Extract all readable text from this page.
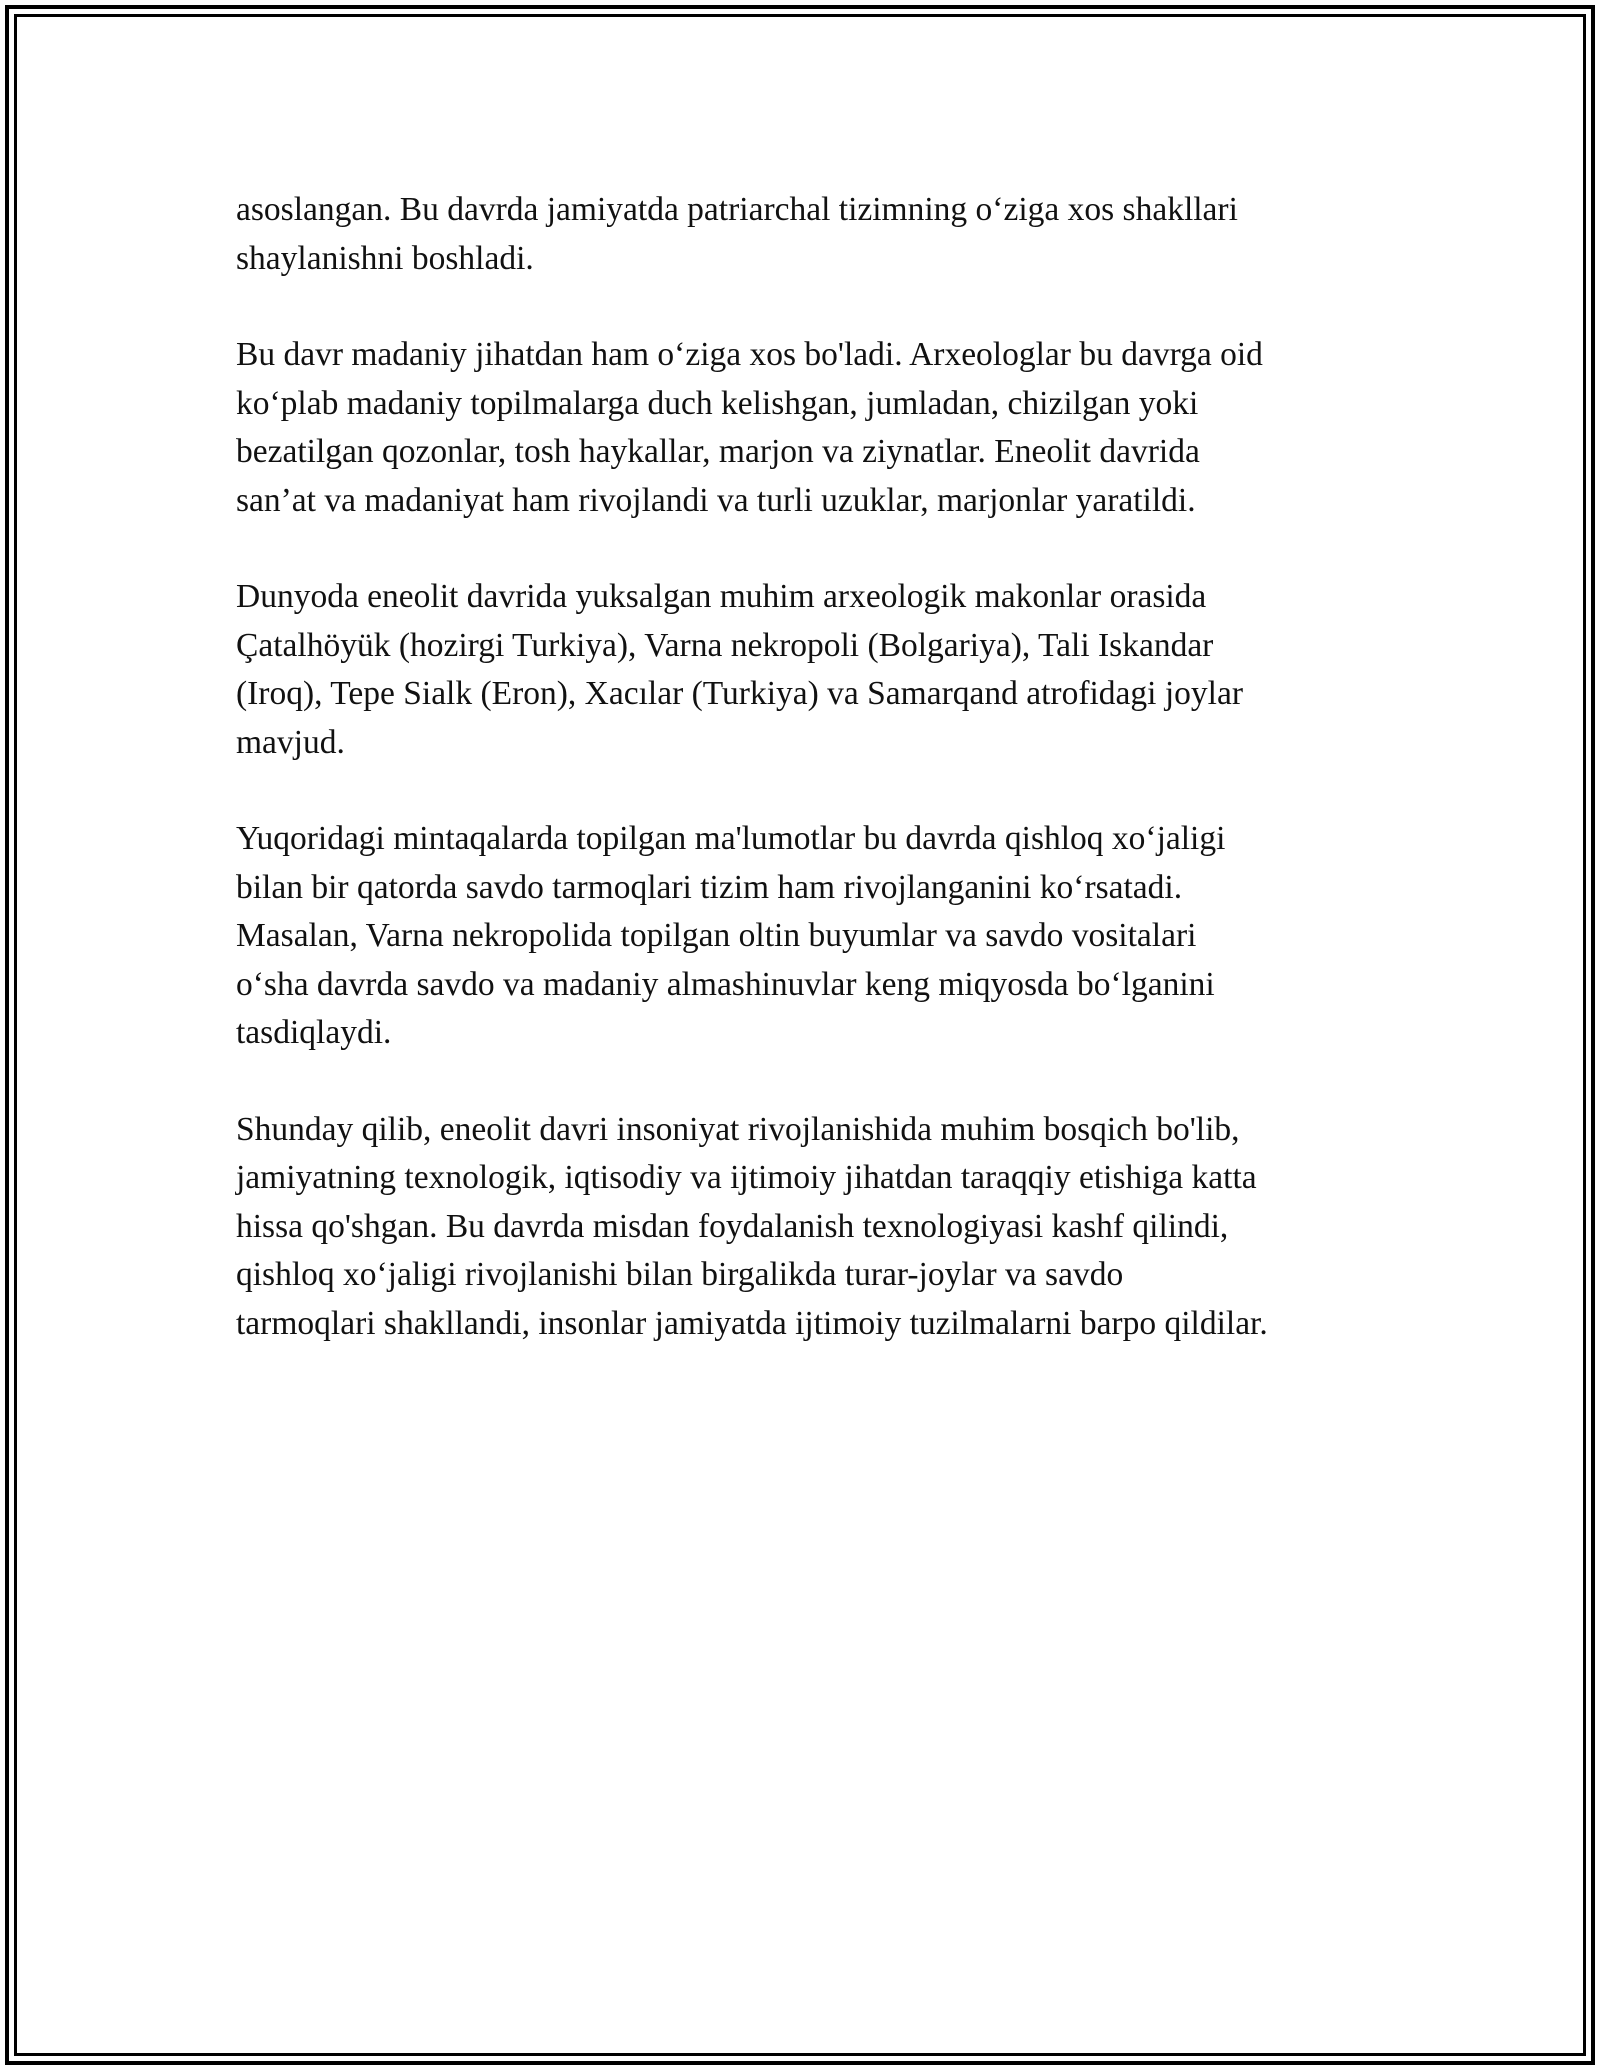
asoslangan. Bu davrda jamiyatda patriarchal tizimning o‘ziga xos shakllari
shaylanishni boshladi.
Bu davr madaniy jihatdan ham o‘ziga xos bo'ladi. Arxeologlar bu davrga oid
ko‘plab madaniy topilmalarga duch kelishgan, jumladan, chizilgan yoki
bezatilgan qozonlar, tosh haykallar, marjon va ziynatlar. Eneolit davrida
san’at va madaniyat ham rivojlandi va turli uzuklar, marjonlar yaratildi.
Dunyoda eneolit davrida yuksalgan muhim arxeologik makonlar orasida
Çatalhöyük (hozirgi Turkiya), Varna nekropoli (Bolgariya), Tali Iskandar
(Iroq), Tepe Sialk (Eron), Xacılar (Turkiya) va Samarqand atrofidagi joylar
mavjud.
Yuqoridagi mintaqalarda topilgan ma'lumotlar bu davrda qishloq xo‘jaligi
bilan bir qatorda savdo tarmoqlari tizim ham rivojlanganini ko‘rsatadi.
Masalan, Varna nekropolida topilgan oltin buyumlar va savdo vositalari
o‘sha davrda savdo va madaniy almashinuvlar keng miqyosda bo‘lganini
tasdiqlaydi.
Shunday qilib, eneolit davri insoniyat rivojlanishida muhim bosqich bo'lib,
jamiyatning texnologik, iqtisodiy va ijtimoiy jihatdan taraqqiy etishiga katta
hissa qo'shgan. Bu davrda misdan foydalanish texnologiyasi kashf qilindi,
qishloq xo‘jaligi rivojlanishi bilan birgalikda turar-joylar va savdo
tarmoqlari shakllandi, insonlar jamiyatda ijtimoiy tuzilmalarni barpo qildilar.
